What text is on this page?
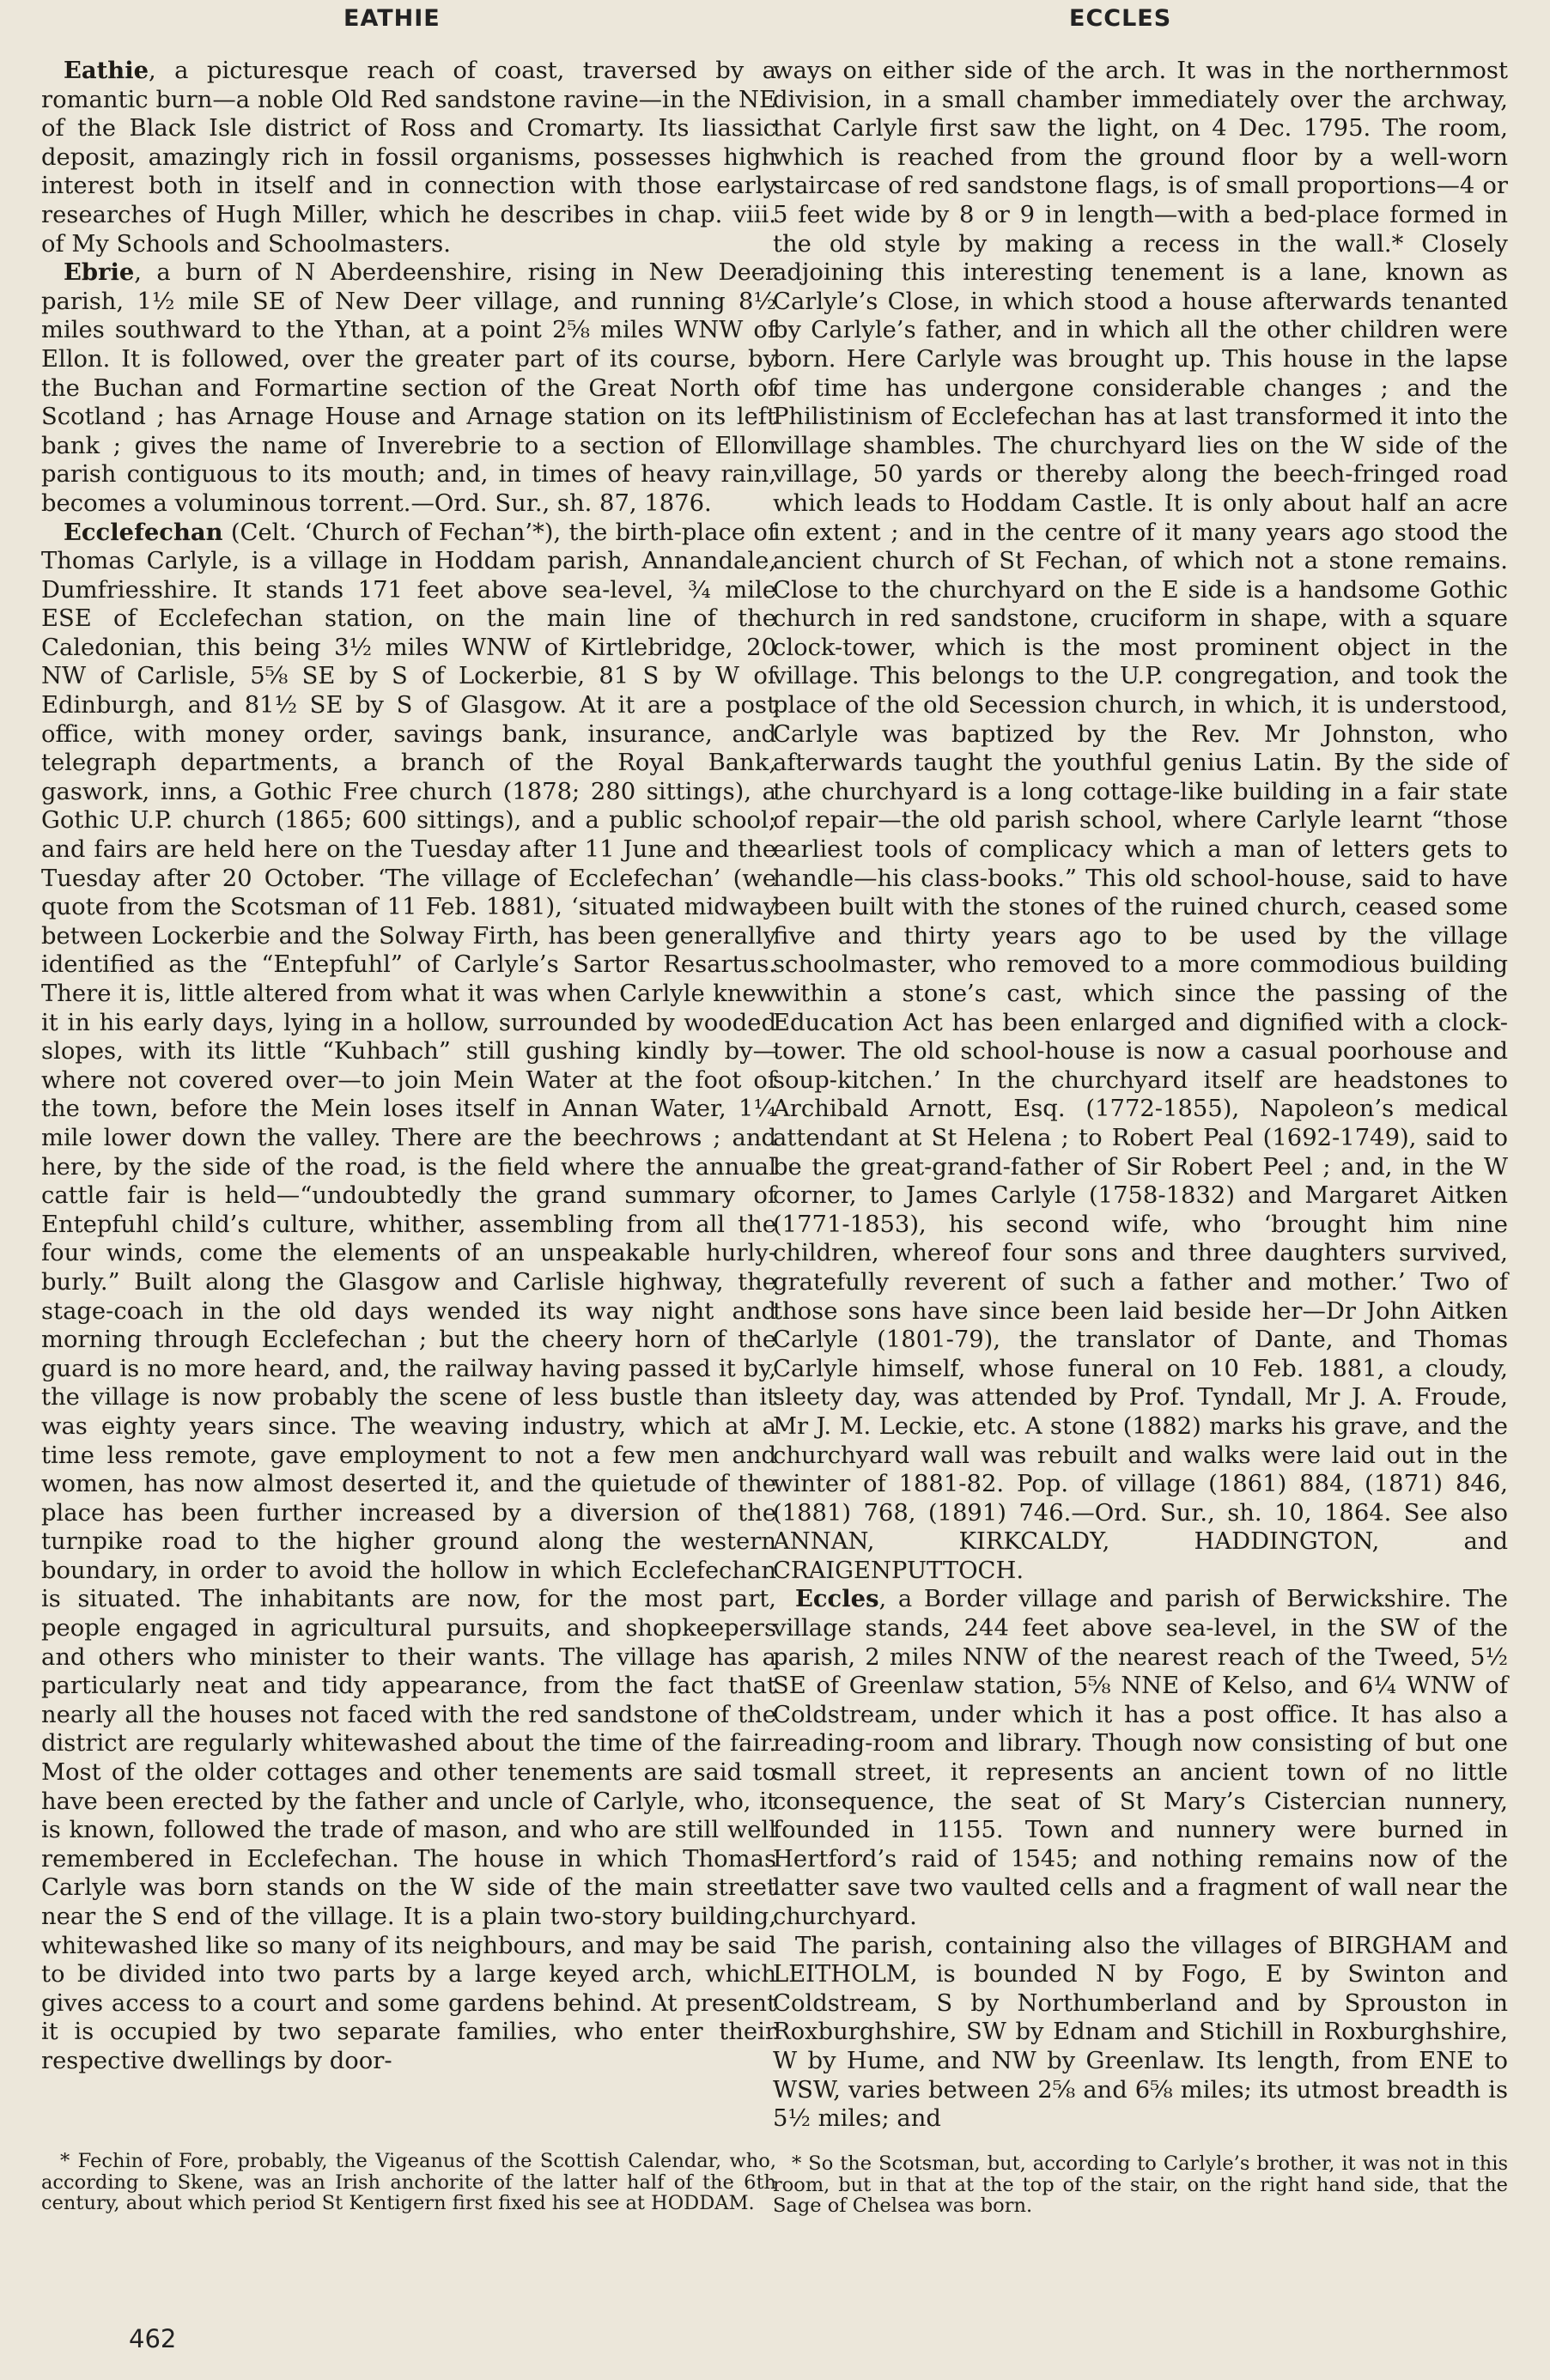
EATHIE	ECCLES

Eathie, a picturesque reach of coast, traversed by a romantic burn—a noble Old Red sandstone ravine—in the NE of the Black Isle district of Ross and Cromarty. Its liassic deposit, amazingly rich in fossil organisms, possesses high interest both in itself and in connection with those early researches of Hugh Miller, which he describes in chap. viii. of My Schools and Schoolmasters.

Ebrie, a burn of N Aberdeenshire, rising in New Deer parish, 1½ mile SE of New Deer village, and running 8½ miles southward to the Ythan, at a point 2⅝ miles WNW of Ellon. It is followed, over the greater part of its course, by the Buchan and Formartine section of the Great North of Scotland ; has Arnage House and Arnage station on its left bank ; gives the name of Inverebrie to a section of Ellon parish contiguous to its mouth; and, in times of heavy rain, becomes a voluminous torrent.—Ord. Sur., sh. 87, 1876.

Ecclefechan (Celt. ‘Church of Fechan’*), the birth-place of Thomas Carlyle, is a village in Hoddam parish, Annandale, Dumfriesshire. It stands 171 feet above sea-level, ¾ mile ESE of Ecclefechan station, on the main line of the Caledonian, this being 3½ miles WNW of Kirtlebridge, 20 NW of Carlisle, 5⅝ SE by S of Lockerbie, 81 S by W of Edinburgh, and 81½ SE by S of Glasgow. At it are a post office, with money order, savings bank, insurance, and telegraph departments, a branch of the Royal Bank, gaswork, inns, a Gothic Free church (1878; 280 sittings), a Gothic U.P. church (1865; 600 sittings), and a public school; and fairs are held here on the Tuesday after 11 June and the Tuesday after 20 October. ‘The village of Ecclefechan’ (we quote from the Scotsman of 11 Feb. 1881), ‘situated midway between Lockerbie and the Solway Firth, has been generally identified as the “Entepfuhl” of Carlyle’s Sartor Resartus. There it is, little altered from what it was when Carlyle knew it in his early days, lying in a hollow, surrounded by wooded slopes, with its little “Kuhbach” still gushing kindly by—where not covered over—to join Mein Water at the foot of the town, before the Mein loses itself in Annan Water, 1¼ mile lower down the valley. There are the beechrows ; and here, by the side of the road, is the field where the annual cattle fair is held—“undoubtedly the grand summary of Entepfuhl child’s culture, whither, assembling from all the four winds, come the elements of an unspeakable hurly-burly.” Built along the Glasgow and Carlisle highway, the stage-coach in the old days wended its way night and morning through Ecclefechan ; but the cheery horn of the guard is no more heard, and, the railway having passed it by, the village is now probably the scene of less bustle than it was eighty years since. The weaving industry, which at a time less remote, gave employment to not a few men and women, has now almost deserted it, and the quietude of the place has been further increased by a diversion of the turnpike road to the higher ground along the western boundary, in order to avoid the hollow in which Ecclefechan is situated. The inhabitants are now, for the most part, people engaged in agricultural pursuits, and shopkeepers and others who minister to their wants. The village has a particularly neat and tidy appearance, from the fact that nearly all the houses not faced with the red sandstone of the district are regularly whitewashed about the time of the fair. Most of the older cottages and other tenements are said to have been erected by the father and uncle of Carlyle, who, it is known, followed the trade of mason, and who are still well remembered in Ecclefechan. The house in which Thomas Carlyle was born stands on the W side of the main street near the S end of the village. It is a plain two-story building, whitewashed like so many of its neighbours, and may be said to be divided into two parts by a large keyed arch, which gives access to a court and some gardens behind. At present it is occupied by two separate families, who enter their respective dwellings by door-

ways on either side of the arch. It was in the northernmost division, in a small chamber immediately over the archway, that Carlyle first saw the light, on 4 Dec. 1795. The room, which is reached from the ground floor by a well-worn staircase of red sandstone flags, is of small proportions—4 or 5 feet wide by 8 or 9 in length—with a bed-place formed in the old style by making a recess in the wall.* Closely adjoining this interesting tenement is a lane, known as Carlyle’s Close, in which stood a house afterwards tenanted by Carlyle’s father, and in which all the other children were born. Here Carlyle was brought up. This house in the lapse of time has undergone considerable changes ; and the Philistinism of Ecclefechan has at last transformed it into the village shambles. The churchyard lies on the W side of the village, 50 yards or thereby along the beech-fringed road which leads to Hoddam Castle. It is only about half an acre in extent ; and in the centre of it many years ago stood the ancient church of St Fechan, of which not a stone remains. Close to the churchyard on the E side is a handsome Gothic church in red sandstone, cruciform in shape, with a square clock-tower, which is the most prominent object in the village. This belongs to the U.P. congregation, and took the place of the old Secession church, in which, it is understood, Carlyle was baptized by the Rev. Mr Johnston, who afterwards taught the youthful genius Latin. By the side of the churchyard is a long cottage-like building in a fair state of repair—the old parish school, where Carlyle learnt “those earliest tools of complicacy which a man of letters gets to handle—his class-books.” This old school-house, said to have been built with the stones of the ruined church, ceased some five and thirty years ago to be used by the village schoolmaster, who removed to a more commodious building within a stone’s cast, which since the passing of the Education Act has been enlarged and dignified with a clock-tower. The old school-house is now a casual poorhouse and soup-kitchen.’ In the churchyard itself are headstones to Archibald Arnott, Esq. (1772-1855), Napoleon’s medical attendant at St Helena ; to Robert Peal (1692-1749), said to be the great-grand-father of Sir Robert Peel ; and, in the W corner, to James Carlyle (1758-1832) and Margaret Aitken (1771-1853), his second wife, who ‘brought him nine children, whereof four sons and three daughters survived, gratefully reverent of such a father and mother.’ Two of those sons have since been laid beside her—Dr John Aitken Carlyle (1801-79), the translator of Dante, and Thomas Carlyle himself, whose funeral on 10 Feb. 1881, a cloudy, sleety day, was attended by Prof. Tyndall, Mr J. A. Froude, Mr J. M. Leckie, etc. A stone (1882) marks his grave, and the churchyard wall was rebuilt and walks were laid out in the winter of 1881-82. Pop. of village (1861) 884, (1871) 846, (1881) 768, (1891) 746.—Ord. Sur., sh. 10, 1864. See also ANNAN, KIRKCALDY, HADDINGTON, and CRAIGENPUTTOCH.

Eccles, a Border village and parish of Berwickshire. The village stands, 244 feet above sea-level, in the SW of the parish, 2 miles NNW of the nearest reach of the Tweed, 5½ SE of Greenlaw station, 5⅝ NNE of Kelso, and 6¼ WNW of Coldstream, under which it has a post office. It has also a reading-room and library. Though now consisting of but one small street, it represents an ancient town of no little consequence, the seat of St Mary’s Cistercian nunnery, founded in 1155. Town and nunnery were burned in Hertford’s raid of 1545; and nothing remains now of the latter save two vaulted cells and a fragment of wall near the churchyard.

The parish, containing also the villages of BIRGHAM and LEITHOLM, is bounded N by Fogo, E by Swinton and Coldstream, S by Northumberland and by Sprouston in Roxburghshire, SW by Ednam and Stichill in Roxburghshire, W by Hume, and NW by Greenlaw. Its length, from ENE to WSW, varies between 2⅝ and 6⅝ miles; its utmost breadth is 5½ miles; and

* Fechin of Fore, probably, the Vigeanus of the Scottish Calendar, who, according to Skene, was an Irish anchorite of the latter half of the 6th century, about which period St Kentigern first fixed his see at HODDAM.

* So the Scotsman, but, according to Carlyle’s brother, it was not in this room, but in that at the top of the stair, on the right hand side, that the Sage of Chelsea was born.

462
